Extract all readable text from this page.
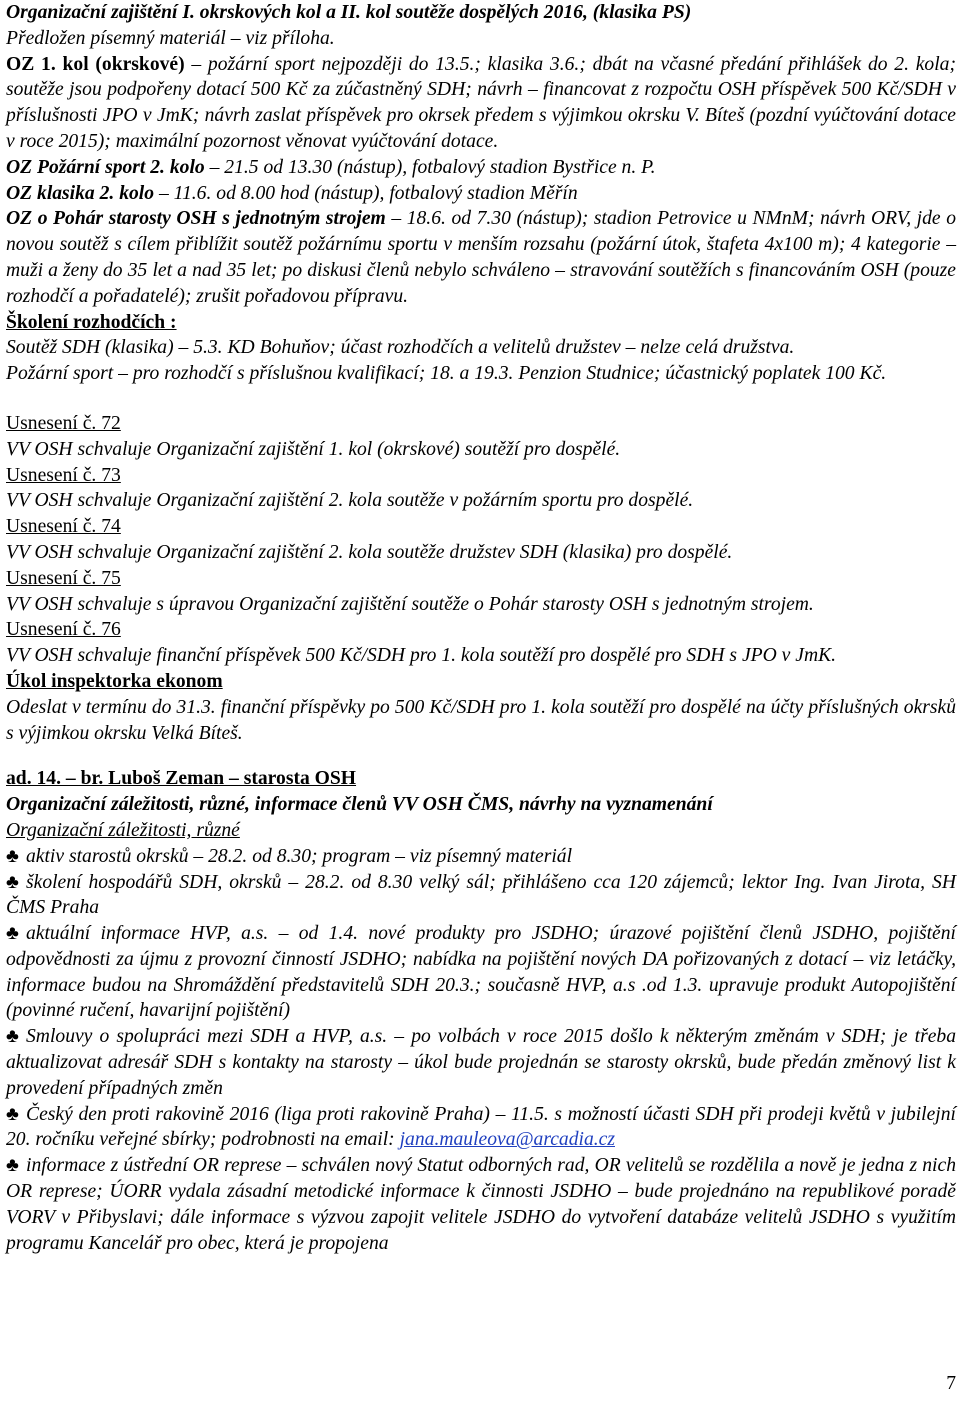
Organizační zajištění I. okrskových kol a II. kol soutěže dospělých 2016, (klasika PS)

Předložen písemný materiál – viz příloha.

OZ 1. kol (okrskové) – požární sport nejpozději do 13.5.; klasika 3.6.; dbát na včasné předání přihlášek do 2. kola; soutěže jsou podpořeny dotací 500 Kč za zúčastněný SDH; návrh – financovat z rozpočtu OSH příspěvek 500 Kč/SDH v příslušnosti JPO v JmK; návrh zaslat příspěvek pro okrsek předem s výjimkou okrsku V. Bíteš (pozdní vyúčtování dotace v roce 2015); maximální pozornost věnovat vyúčtování dotace.

OZ Požární sport 2. kolo – 21.5 od 13.30 (nástup), fotbalový stadion Bystřice n. P.

OZ klasika 2. kolo – 11.6. od 8.00 hod (nástup), fotbalový stadion Měřín

OZ o Pohár starosty OSH s jednotným strojem – 18.6. od 7.30 (nástup); stadion Petrovice u NMnM; návrh ORV, jde o novou soutěž s cílem přiblížit soutěž požárnímu sportu v menším rozsahu (požární útok, štafeta 4x100 m); 4 kategorie – muži a ženy do 35 let a nad 35 let; po diskusi členů nebylo schváleno – stravování soutěžích s financováním OSH (pouze rozhodčí a pořadatelé); zrušit pořadovou přípravu.

Školení rozhodčích :

Soutěž SDH (klasika) – 5.3. KD Bohuňov; účast rozhodčích a velitelů družstev – nelze celá družstva.

Požární sport – pro rozhodčí s příslušnou kvalifikací; 18. a 19.3. Penzion Studnice; účastnický poplatek 100 Kč.

Usnesení č. 72

VV OSH schvaluje Organizační zajištění 1. kol (okrskové) soutěží pro dospělé.

Usnesení č. 73

VV OSH schvaluje Organizační zajištění 2. kola soutěže v požárním sportu pro dospělé.

Usnesení č. 74

VV OSH schvaluje Organizační zajištění 2. kola soutěže družstev SDH (klasika) pro dospělé.

Usnesení č. 75

VV OSH schvaluje s úpravou Organizační zajištění soutěže o Pohár starosty OSH s jednotným strojem.

Usnesení č. 76

VV OSH schvaluje finanční příspěvek 500 Kč/SDH pro 1. kola soutěží pro dospělé pro SDH s JPO v JmK.

Úkol inspektorka ekonom

Odeslat v termínu do 31.3. finanční příspěvky po 500 Kč/SDH pro 1. kola soutěží pro dospělé na účty příslušných okrsků s výjimkou okrsku Velká Bíteš.

ad. 14. – br. Luboš Zeman – starosta OSH

Organizační záležitosti, různé, informace členů VV OSH ČMS, návrhy na vyznamenání

Organizační záležitosti, různé

♣ aktiv starostů okrsků – 28.2. od 8.30; program – viz písemný materiál

♣ školení hospodářů SDH, okrsků – 28.2. od 8.30 velký sál; přihlášeno cca 120 zájemců; lektor Ing. Ivan Jirota, SH ČMS Praha

♣ aktuální informace HVP, a.s. – od 1.4. nové produkty pro JSDHO; úrazové pojištění členů JSDHO, pojištění odpovědnosti za újmu z provozní činností JSDHO; nabídka na pojištění nových DA pořizovaných z dotací – viz letáčky, informace budou na Shromáždění představitelů SDH 20.3.; současně HVP, a.s .od 1.3. upravuje produkt Autopojištění (povinné ručení, havarijní pojištění)

♣ Smlouvy o spolupráci mezi SDH a HVP, a.s. – po volbách v roce 2015 došlo k některým změnám v SDH; je třeba aktualizovat adresář SDH s kontakty na starosty – úkol bude projednán se starosty okrsků, bude předán změnový list k provedení případných změn

♣ Český den proti rakovině 2016 (liga proti rakovině Praha) – 11.5. s možností účasti SDH při prodeji květů v jubilejní 20. ročníku veřejné sbírky; podrobnosti na email: jana.mauleova@arcadia.cz

♣ informace z ústřední OR represe – schválen nový Statut odborných rad, OR velitelů se rozdělila a nově je jedna z nich OR represe; ÚORR vydala zásadní metodické informace k činnosti JSDHO – bude projednáno na republikové poradě VORV v Přibyslavi; dále informace s výzvou zapojit velitele JSDHO do vytvoření databáze velitelů JSDHO s využitím programu Kancelář pro obec, která je propojena

7
